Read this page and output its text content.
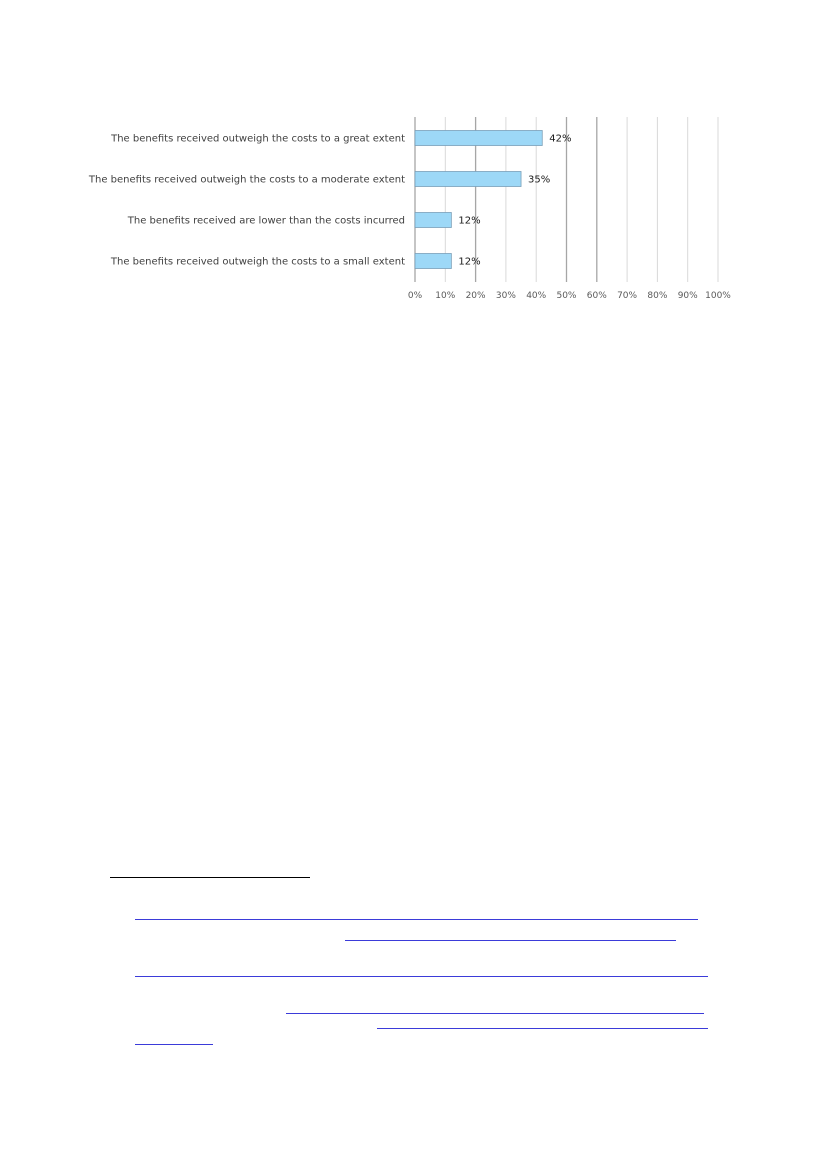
The benefits received outweigh the costs to a great extent
The benefits received outweigh the costs to a moderate extent
The benefits received are lower than the costs incurred
The benefits received outweigh the costs to a small extent
42%
35%
12%
12%
0% 10% 20% 30% 40% 50% 60% 70% 80% 90% 100%
